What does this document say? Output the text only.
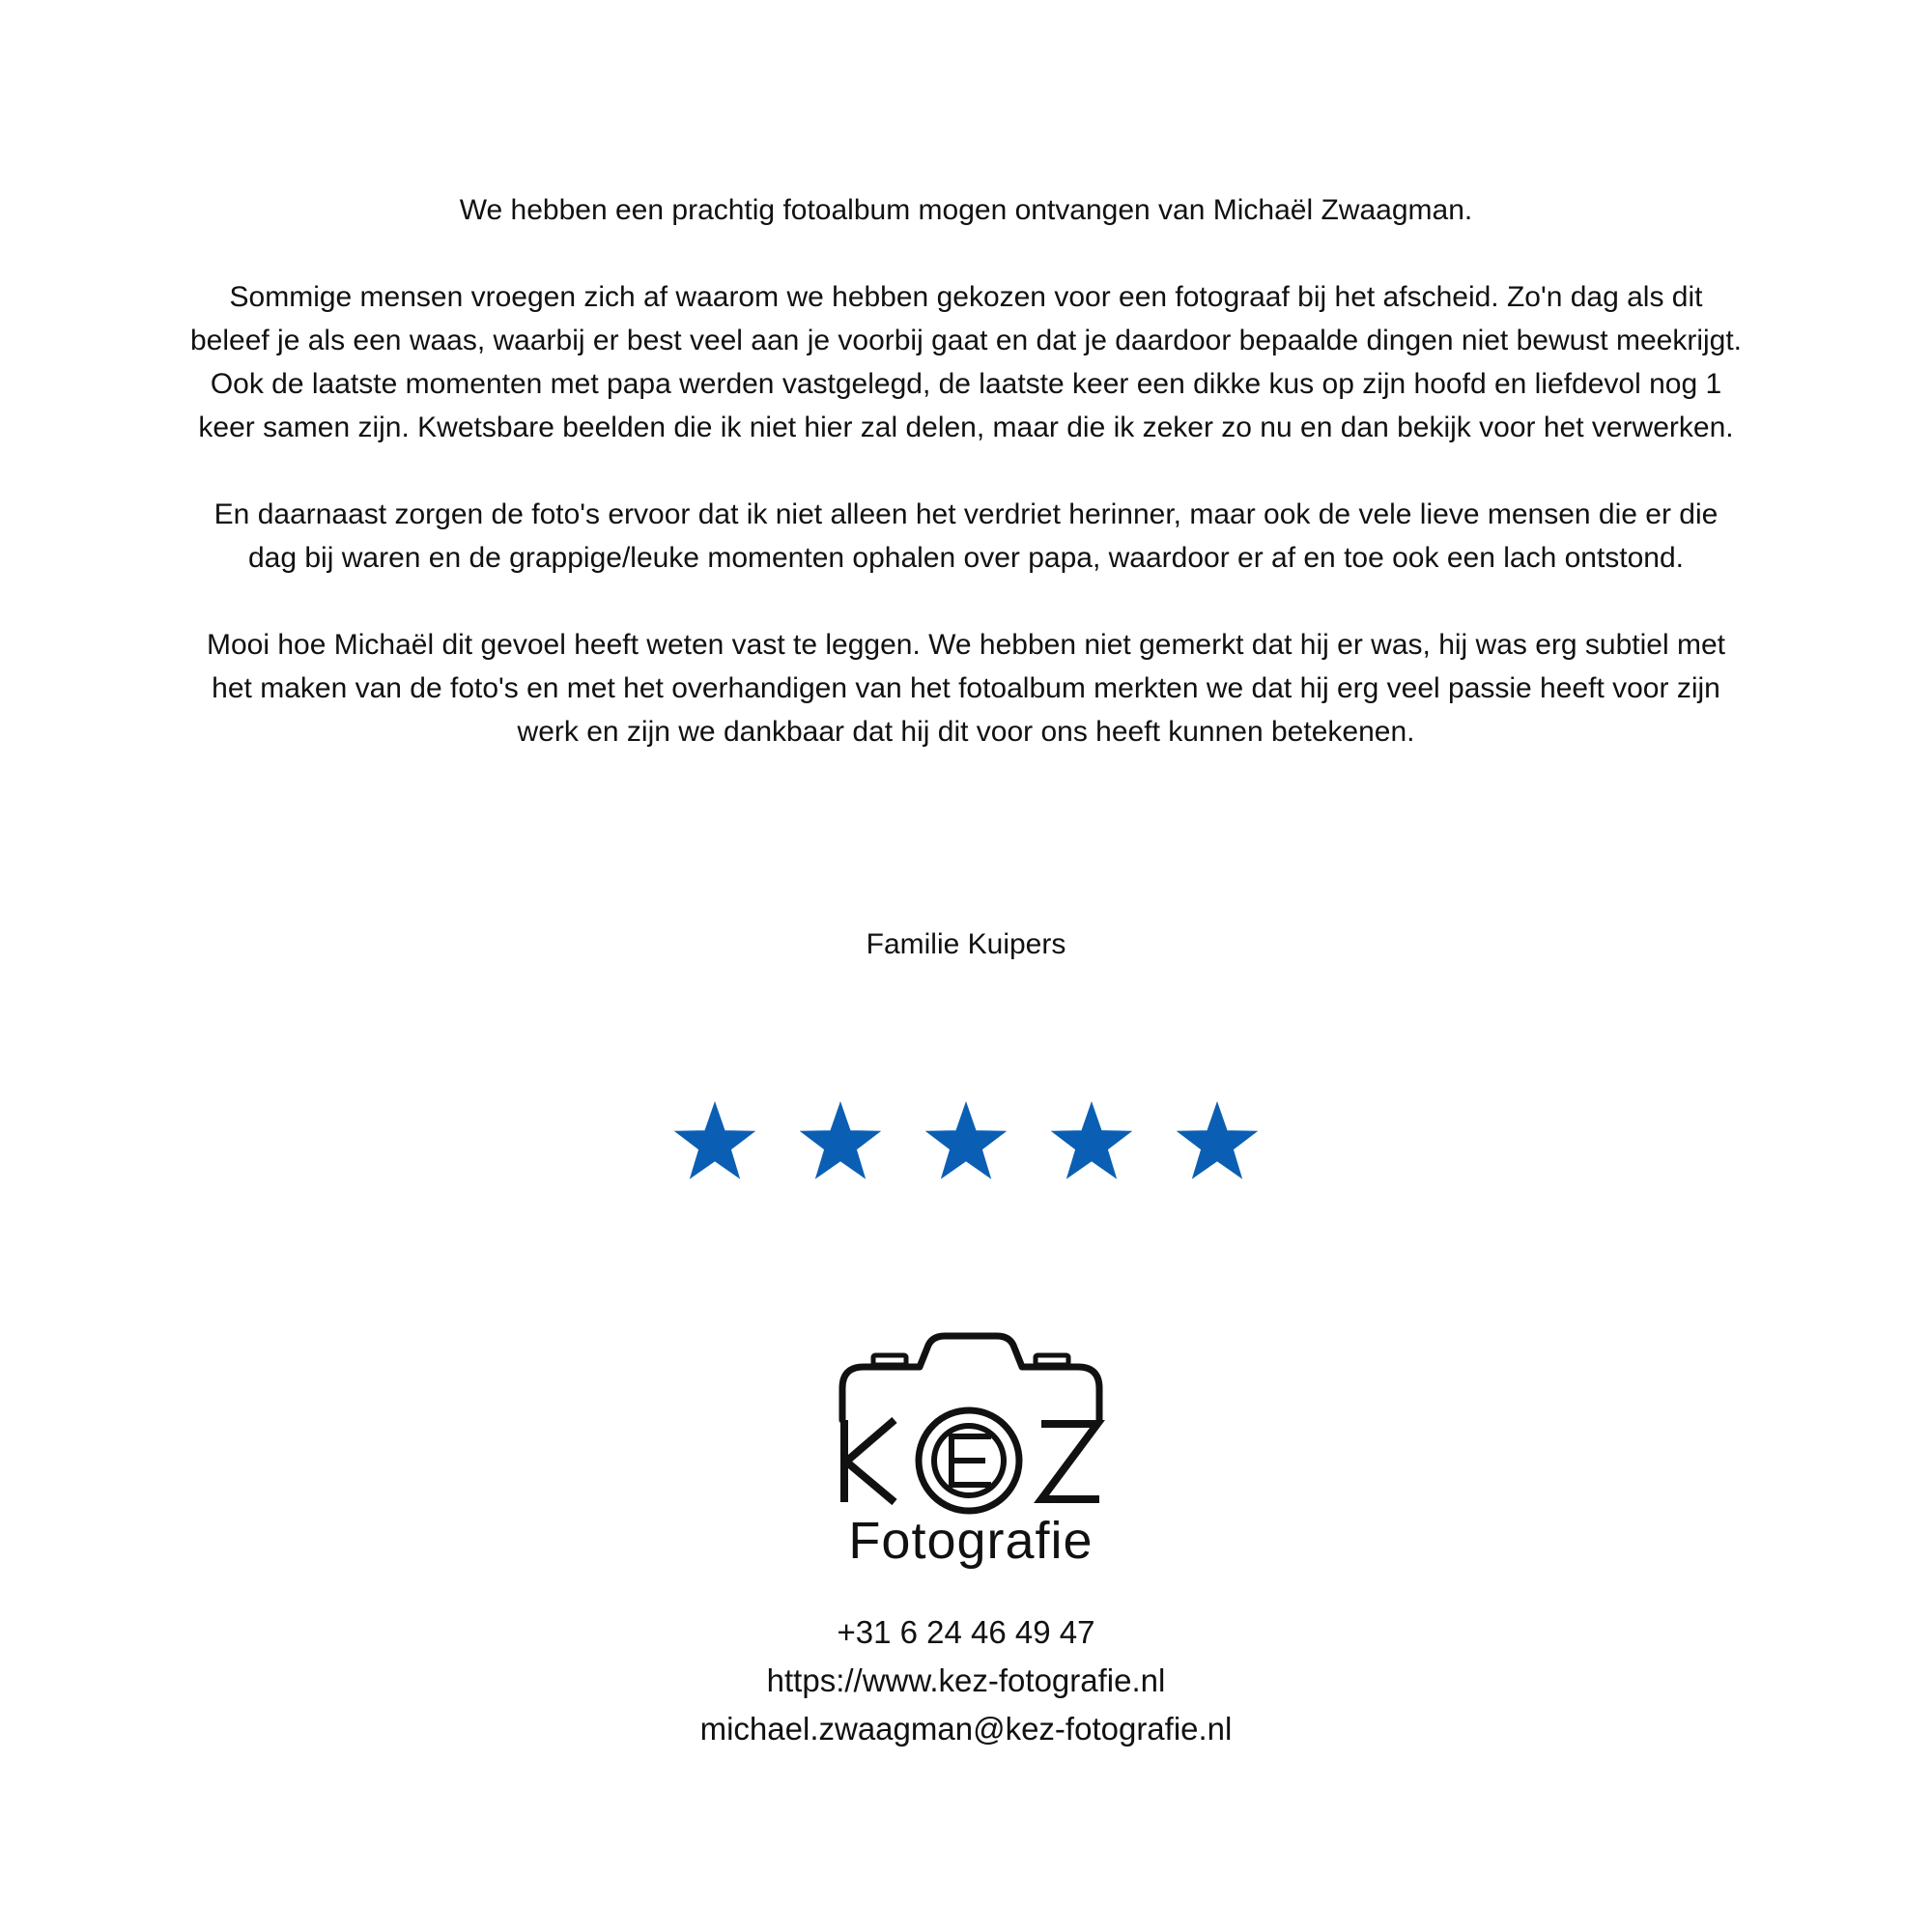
We hebben een prachtig fotoalbum mogen ontvangen van Michaël Zwaagman.

Sommige mensen vroegen zich af waarom we hebben gekozen voor een fotograaf bij het afscheid. Zo'n dag als dit beleef je als een waas, waarbij er best veel aan je voorbij gaat en dat je daardoor bepaalde dingen niet bewust meekrijgt. Ook de laatste momenten met papa werden vastgelegd, de laatste keer een dikke kus op zijn hoofd en liefdevol nog 1 keer samen zijn. Kwetsbare beelden die ik niet hier zal delen, maar die ik zeker zo nu en dan bekijk voor het verwerken.

En daarnaast zorgen de foto's ervoor dat ik niet alleen het verdriet herinner, maar ook de vele lieve mensen die er die dag bij waren en de grappige/leuke momenten ophalen over papa, waardoor er af en toe ook een lach ontstond.

Mooi hoe Michaël dit gevoel heeft weten vast te leggen. We hebben niet gemerkt dat hij er was, hij was erg subtiel met het maken van de foto's en met het overhandigen van het fotoalbum merkten we dat hij erg veel passie heeft voor zijn werk en zijn we dankbaar dat hij dit voor ons heeft kunnen betekenen.

Familie Kuipers
Fotografie
+31 6 24 46 49 47
https://www.kez-fotografie.nl
michael.zwaagman@kez-fotografie.nl
